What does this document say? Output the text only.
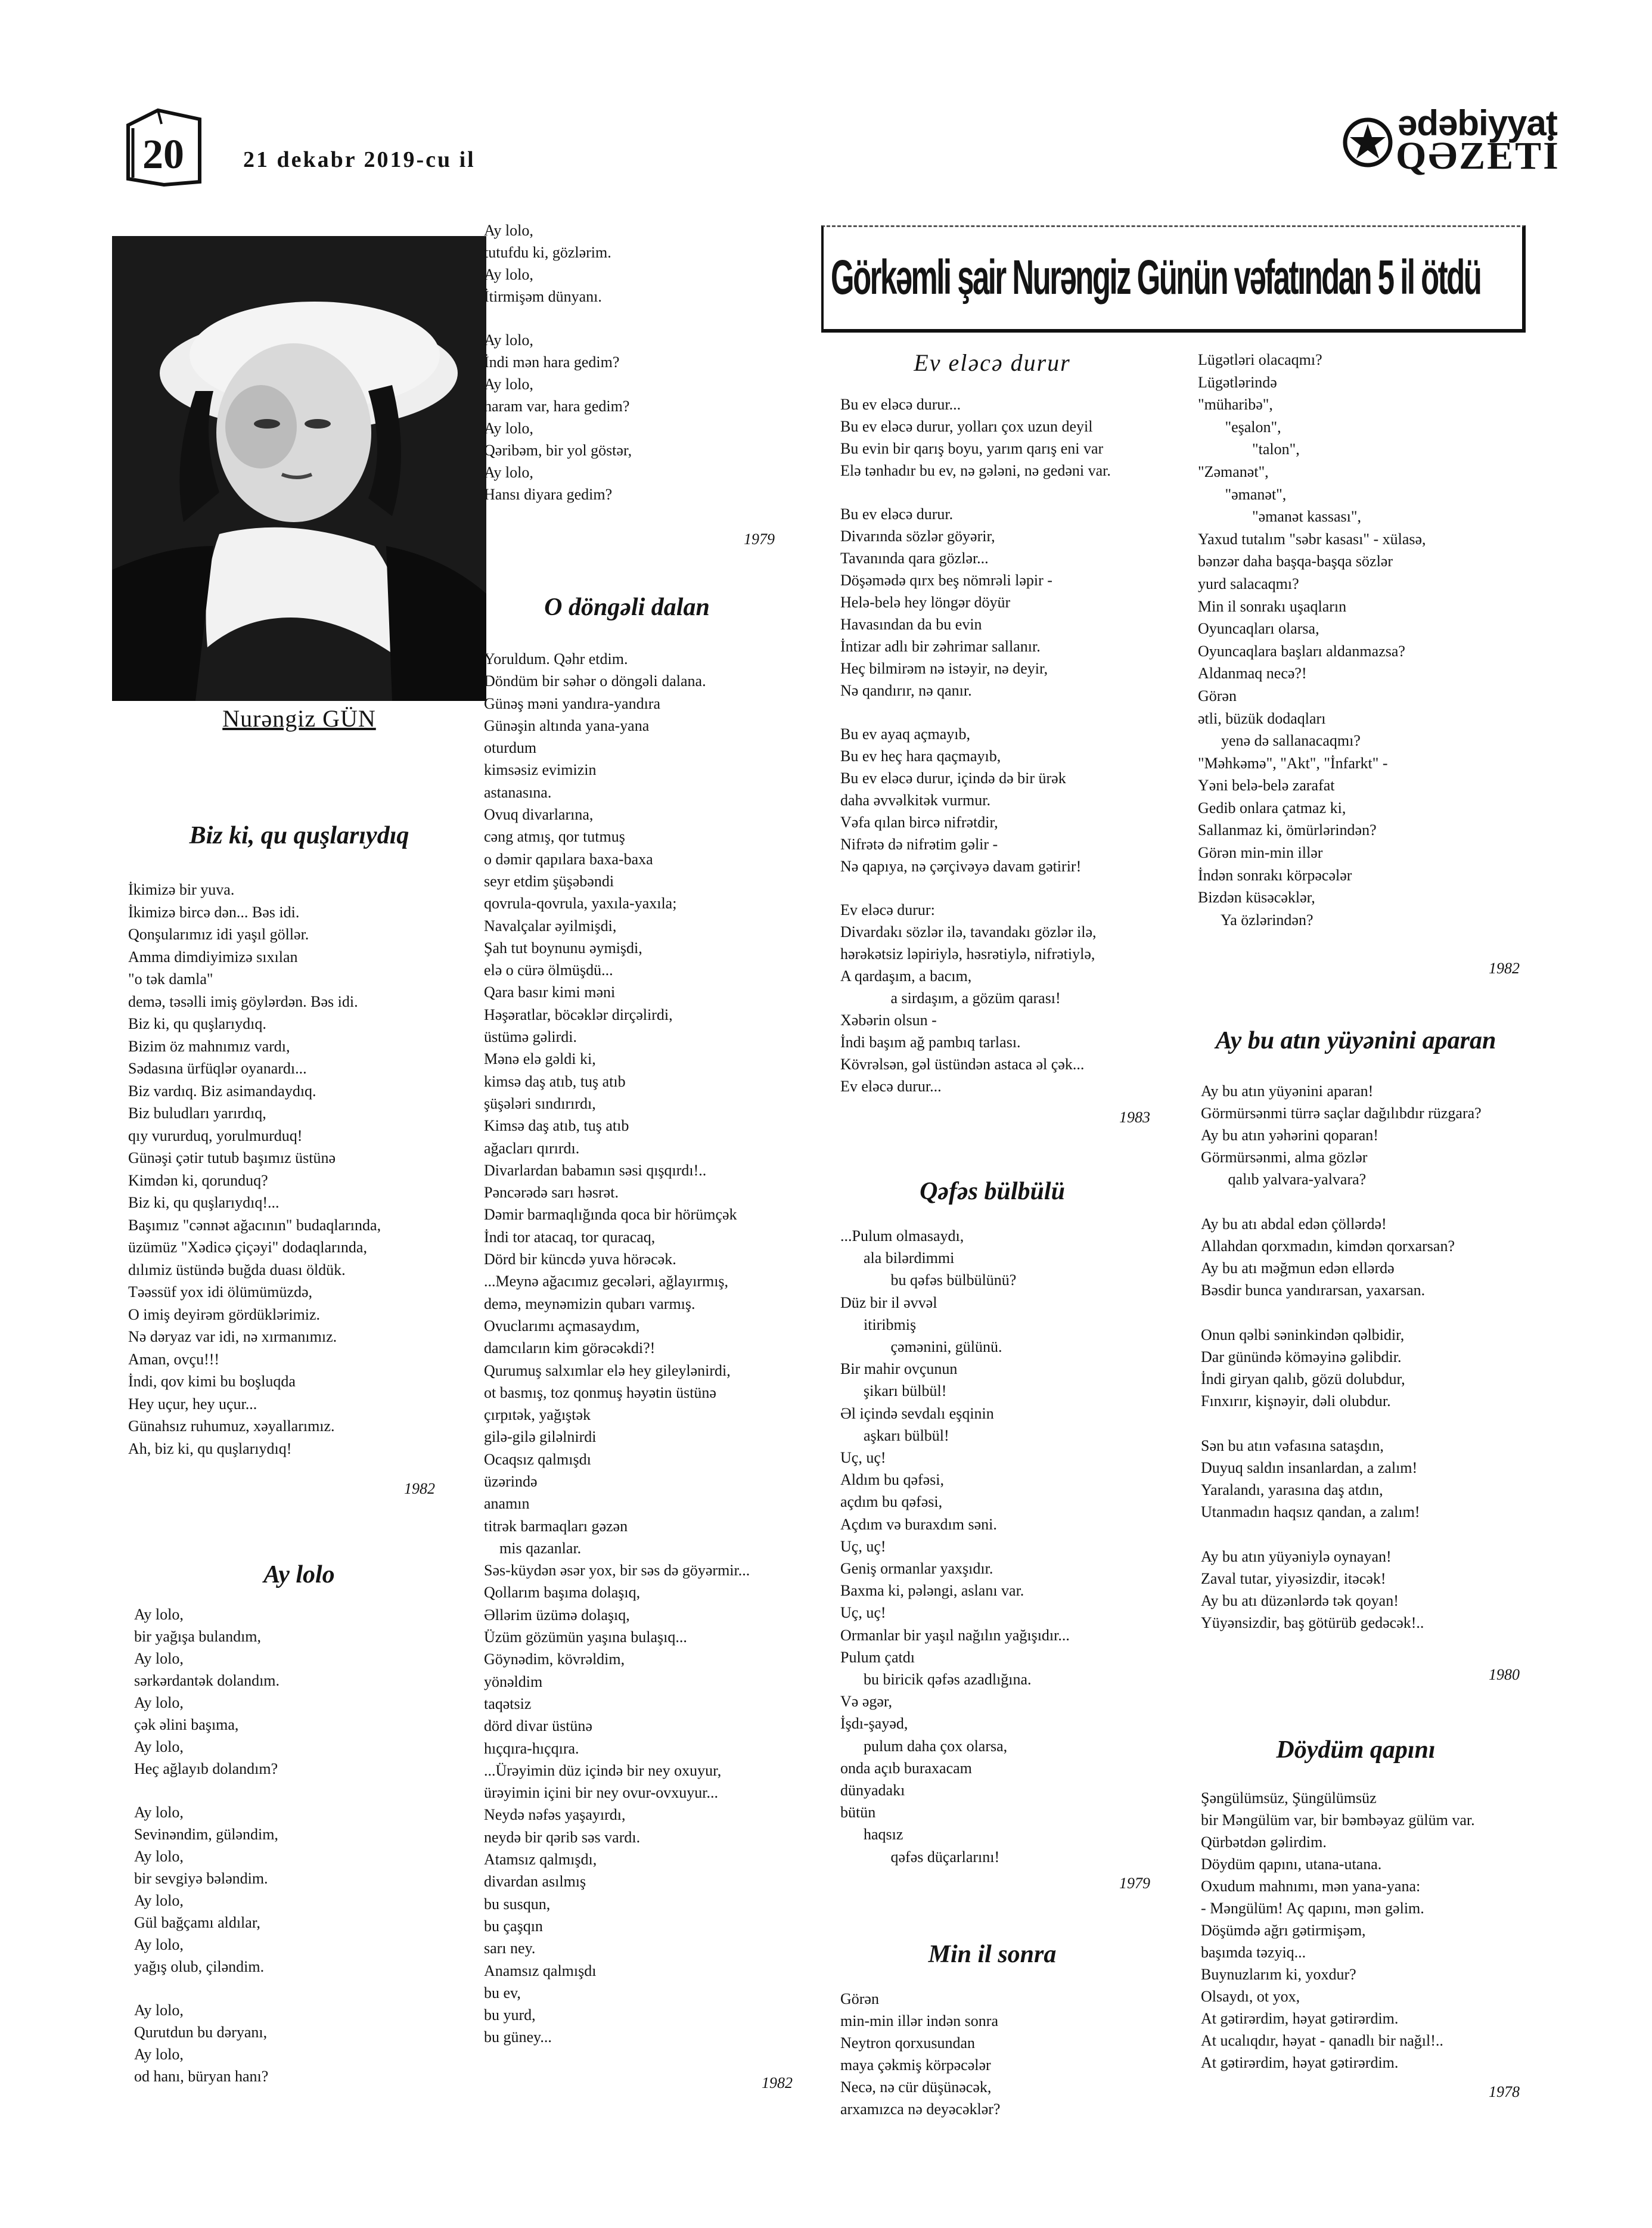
20	21 dekabr 2019-cu il
ədəbiyyat
QƏZETİ
Görkəmli şair Nurəngiz Günün vəfatından 5 il ötdü
Nurəngiz GÜN
Biz ki, qu quşlarıydıq
İkimizə bir yuva.
İkimizə bircə dən... Bəs idi.
Qonşularımız idi yaşıl göllər.
Amma dimdiyimizə sıxılan
"o tək damla"
demə, təsəlli imiş göylərdən. Bəs idi.
Biz ki, qu quşlarıydıq.
Bizim öz mahnımız vardı,
Sədasına ürfüqlər oyanardı...
Biz vardıq. Biz asimandaydıq.
Biz buludları yarırdıq,
qıy vururduq, yorulmurduq!
Günəşi çətir tutub başımız üstünə
Kimdən ki, qorunduq?
Biz ki, qu quşlarıydıq!...
Başımız "cənnət ağacının" budaqlarında,
üzümüz "Xədicə çiçəyi" dodaqlarında,
dılımiz üstündə buğda duası öldük.
Təəssüf yox idi ölümümüzdə,
O imiş deyirəm gördüklərimiz.
Nə dəryaz var idi, nə xırmanımız.
Aman, ovçu!!!
İndi, qov kimi bu boşluqda
Hey uçur, hey uçur...
Günahsız ruhumuz, xəyallarımız.
Ah, biz ki, qu quşlarıydıq!
1982
Ay lolo
Ay lolo,
bir yağışa bulandım,
Ay lolo,
sərkərdantək dolandım.
Ay lolo,
çək əlini başıma,
Ay lolo,
Heç ağlayıb dolandım?
Ay lolo,
Sevinəndim, güləndim,
Ay lolo,
bir sevgiyə bələndim.
Ay lolo,
Gül bağçamı aldılar,
Ay lolo,
yağış olub, çiləndim.
Ay lolo,
Qurutdun bu dəryanı,
Ay lolo,
od hanı, büryan hanı?
Ay lolo,
tutufdu ki, gözlərim.
Ay lolo,
İtirmişəm dünyanı.
Ay lolo,
İndi mən hara gedim?
Ay lolo,
haram var, hara gedim?
Ay lolo,
Qəribəm, bir yol göstər,
Ay lolo,
Hansı diyara gedim?
1979
O döngəli dalan
Yoruldum. Qəhr etdim.
Döndüm bir səhər o döngəli dalana.
Günəş məni yandıra-yandıra
Günəşin altında yana-yana
oturdum
kimsəsiz evimizin
astanasına.
Ovuq divarlarına,
cəng atmış, qor tutmuş
o dəmir qapılara baxa-baxa
seyr etdim şüşəbəndi
qovrula-qovrula, yaxıla-yaxıla;
Navalçalar əyilmişdi,
Şah tut boynunu əymişdi,
elə o cürə ölmüşdü...
Qara basır kimi məni
Həşəratlar, böcəklər dirçəlirdi,
üstümə gəlirdi.
Mənə elə gəldi ki,
kimsə daş atıb, tuş atıb
şüşələri sındırırdı,
Kimsə daş atıb, tuş atıb
ağacları qırırdı.
Divarlardan babamın səsi qışqırdı!..
Pəncərədə sarı həsrət.
Dəmir barmaqlığında qoca bir hörümçək
İndi tor atacaq, tor quracaq,
Dörd bir küncdə yuva hörəcək.
...Meynə ağacımız gecələri, ağlayırmış,
demə, meynəmizin qubarı varmış.
Ovuclarımı açmasaydım,
damcıların kim görəcəkdi?!
Qurumuş salxımlar elə hey gileylənirdi,
ot basmış, toz qonmuş həyətin üstünə
çırpıtək, yağıştək
gilə-gilə giləlnirdi
Ocaqsız qalmışdı
üzərində
anamın
titrək barmaqları gəzən
mis qazanlar.
Səs-küydən əsər yox, bir səs də göyərmir...
Qollarım başıma dolaşıq,
Əllərim üzümə dolaşıq,
Üzüm gözümün yaşına bulaşıq...
Göynədim, kövrəldim,
yönəldim
taqətsiz
dörd divar üstünə
hıçqıra-hıçqıra.
...Ürəyimin düz içində bir ney oxuyur,
ürəyimin içini bir ney ovur-ovxuyur...
Neydə nəfəs yaşayırdı,
neydə bir qərib səs vardı.
Atamsız qalmışdı,
divardan asılmış
bu susqun,
bu çaşqın
sarı ney.
Anamsız qalmışdı
bu ev,
bu yurd,
bu güney...
1982
Ev eləcə durur
Bu ev eləcə durur...
Bu ev eləcə durur, yolları çox uzun deyil
Bu evin bir qarış boyu, yarım qarış eni var
Elə tənhadır bu ev, nə gələni, nə gedəni var.
Bu ev eləcə durur.
Divarında sözlər göyərir,
Tavanında qara gözlər...
Döşəmədə qırx beş nömrəli ləpir -
Helə-belə hey löngər döyür
Havasından da bu evin
İntizar adlı bir zəhrimar sallanır.
Heç bilmirəm nə istəyir, nə deyir,
Nə qandırır, nə qanır.
Bu ev ayaq açmayıb,
Bu ev heç hara qaçmayıb,
Bu ev eləcə durur, içində də bir ürək
daha əvvəlkitək vurmur.
Vəfa qılan bircə nifrətdir,
Nifrətə də nifrətim gəlir -
Nə qapıya, nə çərçivəyə davam gətirir!
Ev eləcə durur:
Divardakı sözlər ilə, tavandakı gözlər ilə,
hərəkətsiz ləpiriylə, həsrətiylə, nifrətiylə,
A qardaşım, a bacım,
a sirdaşım, a gözüm qarası!
Xəbərin olsun -
İndi başım ağ pambıq tarlası.
Kövrəlsən, gəl üstündən astaca əl çək...
Ev eləcə durur...
1983
Qəfəs bülbülü
...Pulum olmasaydı,
ala bilərdimmi
bu qəfəs bülbülünü?
Düz bir il əvvəl
itiribmiş
çəmənini, gülünü.
Bir mahir ovçunun
şikarı bülbül!
Əl içində sevdalı eşqinin
aşkarı bülbül!
Uç, uç!
Aldım bu qəfəsi,
açdım bu qəfəsi,
Açdım və buraxdım səni.
Uç, uç!
Geniş ormanlar yaxşıdır.
Baxma ki, pələngi, aslanı var.
Uç, uç!
Ormanlar bir yaşıl nağılın yağışıdır...
Pulum çatdı
bu biricik qəfəs azadlığına.
Və əgər,
İşdı-şayəd,
pulum daha çox olarsa,
onda açıb buraxacam
dünyadakı
bütün
haqsız
qəfəs düçarlarını!
1979
Min il sonra
Görən
min-min illər indən sonra
Neytron qorxusundan
maya çəkmiş körpəcələr
Necə, nə cür düşünəcək,
arxamızca nə deyəcəklər?
Lügətləri olacaqmı?
Lügətlərində
"müharibə",
"eşalon",
"talon",
"Zəmanət",
"əmanət",
"əmanət kassası",
Yaxud tutalım "səbr kasası" - xülasə,
bənzər daha başqa-başqa sözlər
yurd salacaqmı?
Min il sonrakı uşaqların
Oyuncaqları olarsa,
Oyuncaqlara başları aldanmazsa?
Aldanmaq necə?!
Görən
ətli, büzük dodaqları
yenə də sallanacaqmı?
"Məhkəmə", "Akt", "İnfarkt" -
Yəni belə-belə zarafat
Gedib onlara çatmaz ki,
Sallanmaz ki, ömürlərindən?
Görən min-min illər
İndən sonrakı körpəcələr
Bizdən küsəcəklər,
Ya özlərindən?
1982
Ay bu atın yüyənini aparan
Ay bu atın yüyənini aparan!
Görmürsənmi türrə saçlar dağılıbdır rüzgara?
Ay bu atın yəhərini qoparan!
Görmürsənmi, alma gözlər
qalıb yalvara-yalvara?
Ay bu atı abdal edən çöllərdə!
Allahdan qorxmadın, kimdən qorxarsan?
Ay bu atı məğmun edən ellərdə
Bəsdir bunca yandırarsan, yaxarsan.
Onun qəlbi səninkindən qəlbidir,
Dar günündə köməyinə gəlibdir.
İndi giryan qalıb, gözü dolubdur,
Fınxırır, kişnəyir, dəli olubdur.
Sən bu atın vəfasına sataşdın,
Duyuq saldın insanlardan, a zalım!
Yaralandı, yarasına daş atdın,
Utanmadın haqsız qandan, a zalım!
Ay bu atın yüyəniylə oynayan!
Zaval tutar, yiyəsizdir, itəcək!
Ay bu atı düzənlərdə tək qoyan!
Yüyənsizdir, baş götürüb gedəcək!..
1980
Döydüm qapını
Şəngülümsüz, Şüngülümsüz
bir Məngülüm var, bir bəmbəyaz gülüm var.
Qürbətdən gəlirdim.
Döydüm qapını, utana-utana.
Oxudum mahnımı, mən yana-yana:
- Məngülüm! Aç qapını, mən gəlim.
Döşümdə ağrı gətirmişəm,
başımda təzyiq...
Buynuzlarım ki, yoxdur?
Olsaydı, ot yox,
At gətirərdim, həyat gətirərdim.
At ucalıqdır, həyat - qanadlı bir nağıl!..
At gətirərdim, həyat gətirərdim.
1978
